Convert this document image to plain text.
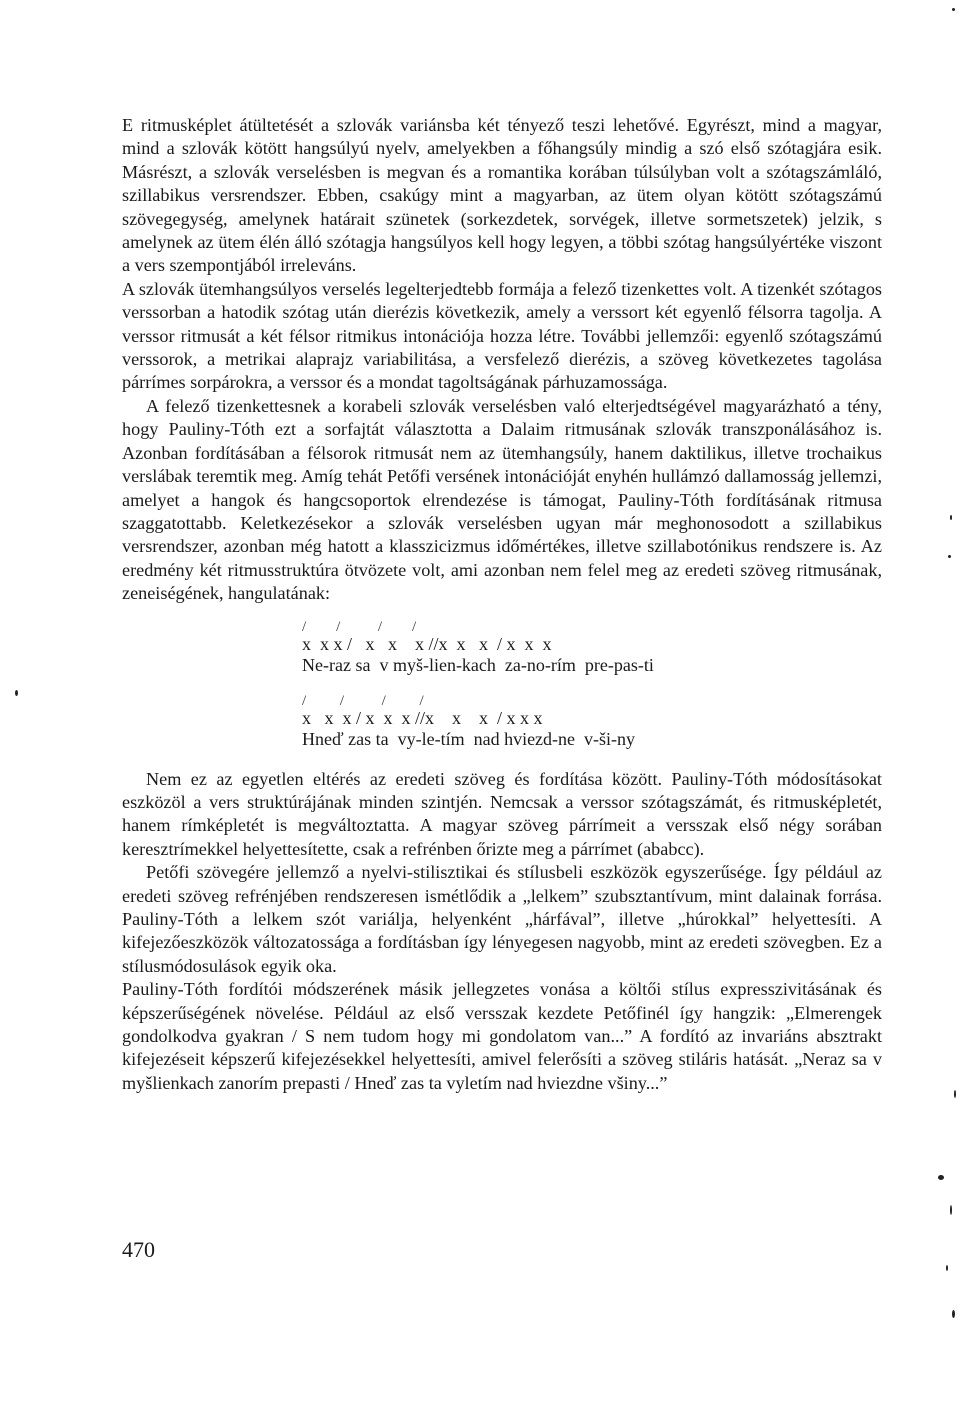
E ritmusképlet átültetését a szlovák variánsba két tényező teszi lehetővé. Egyrészt, mind a magyar, mind a szlovák kötött hangsúlyú nyelv, amelyekben a főhangsúly mindig a szó első szótagjára esik. Másrészt, a szlovák verselésben is megvan és a romantika korában túlsúlyban volt a szótagszámláló, szillabikus versrendszer. Ebben, csakúgy mint a magyarban, az ütem olyan kötött szótagszámú szövegegység, amelynek határait szünetek (sorkezdetek, sorvégek, illetve sormetszetek) jelzik, s amelynek az ütem élén álló szótagja hangsúlyos kell hogy legyen, a többi szótag hangsúlyértéke viszont a vers szempontjából irreleváns.

A szlovák ütemhangsúlyos verselés legelterjedtebb formája a felező tizenkettes volt. A tizenkét szótagos verssorban a hatodik szótag után dierézis következik, amely a verssort két egyenlő félsorra tagolja. A verssor ritmusát a két félsor ritmikus intonációja hozza létre. További jellemzői: egyenlő szótagszámú verssorok, a metrikai alaprajz variabilitása, a versfelező dierézis, a szöveg következetes tagolása párrímes sorpárokra, a verssor és a mondat tagoltságának párhuzamossága.

A felező tizenkettesnek a korabeli szlovák verselésben való elterjedtségével magyarázható a tény, hogy Pauliny-Tóth ezt a sorfajtát választotta a Dalaim ritmusának szlovák transzponálásához is. Azonban fordításában a félsorok ritmusát nem az ütemhangsúly, hanem daktilikus, illetve trochaikus verslábak teremtik meg. Amíg tehát Petőfi versének intonációját enyhén hullámzó dallamosság jellemzi, amelyet a hangok és hangcsoportok elrendezése is támogat, Pauliny-Tóth fordításának ritmusa szaggatottabb. Keletkezésekor a szlovák verselésben ugyan már meghonosodott a szillabikus versrendszer, azonban még hatott a klasszicizmus időmértékes, illetve szillabotónikus rendszere is. Az eredmény két ritmusstruktúra ötvözete volt, ami azonban nem felel meg az eredeti szöveg ritmusának, zeneiségének, hangulatának:

/        /          /        /
x  x x /   x   x    x //x  x   x  / x  x  x
Ne-raz sa  v myš-lien-kach  za-no-rím  pre-pas-ti
/         /          /         /
x   x  x / x  x  x //x    x    x  / x x x
Hneď zas ta  vy-le-tím  nad hviezd-ne  v-ši-ny

Nem ez az egyetlen eltérés az eredeti szöveg és fordítása között. Pauliny-Tóth módosításokat eszközöl a vers struktúrájának minden szintjén. Nemcsak a verssor szótagszámát, és ritmusképletét, hanem rímképletét is megváltoztatta. A magyar szöveg párrímeit a versszak első négy sorában keresztrímekkel helyettesítette, csak a refrénben őrizte meg a párrímet (ababcc).

Petőfi szövegére jellemző a nyelvi-stilisztikai és stílusbeli eszközök egyszerűsége. Így például az eredeti szöveg refrénjében rendszeresen ismétlődik a „lelkem” szubsztantívum, mint dalainak forrása. Pauliny-Tóth a lelkem szót variálja, helyenként „hárfával”, illetve „húrokkal” helyettesíti. A kifejezőeszközök változatossága a fordításban így lényegesen nagyobb, mint az eredeti szövegben. Ez a stílusmódosulások egyik oka.

Pauliny-Tóth fordítói módszerének másik jellegzetes vonása a költői stílus expresszivitásának és képszerűségének növelése. Például az első versszak kezdete Petőfinél így hangzik: „Elmerengek gondolkodva gyakran / S nem tudom hogy mi gondolatom van...” A fordító az invariáns absztrakt kifejezéseit képszerű kifejezésekkel helyettesíti, amivel felerősíti a szöveg stiláris hatását. „Neraz sa v myšlienkach zanorím prepasti / Hneď zas ta vyletím nad hviezdne všiny...”

470
